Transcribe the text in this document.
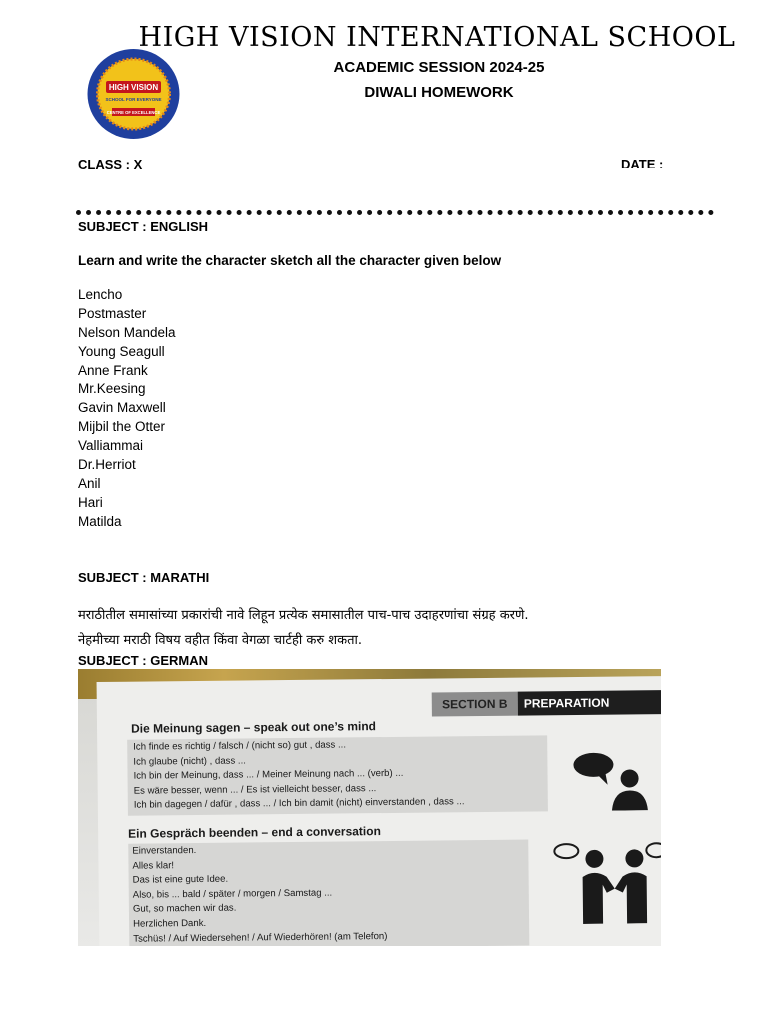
HIGH VISION INTERNATIONAL SCHOOL
ACADEMIC SESSION 2024-25
DIWALI HOMEWORK
HIGH VISION
SCHOOL FOR EVERYONE
CENTRE OF EXCELLENCE
CLASS : X	DATE :
SUBJECT : ENGLISH
Learn and write the character sketch all the character given below
Lencho
Postmaster
Nelson Mandela
Young Seagull
Anne Frank
Mr.Keesing
Gavin Maxwell
Mijbil the Otter
Valliammai
Dr.Herriot
Anil
Hari
Matilda
SUBJECT : MARATHI
मराठीतील समासांच्या प्रकारांची नावे लिहून प्रत्येक समासातील पाच-पाच उदाहरणांचा संग्रह करणे.
नेहमीच्या मराठी विषय वहीत किंवा वेगळा चार्टही करु शकता.
SUBJECT : GERMAN
SECTION B	PREPARATION
Die Meinung sagen – speak out one’s mind
Ich finde es richtig / falsch / (nicht so) gut , dass ...
Ich glaube (nicht) , dass ...
Ich bin der Meinung, dass ... / Meiner Meinung nach ... (verb) ...
Es wäre besser, wenn ... / Es ist vielleicht besser, dass ...
Ich bin dagegen / dafür , dass ... / Ich bin damit (nicht) einverstanden , dass ...
Ein Gespräch beenden – end a conversation
Einverstanden.
Alles klar!
Das ist eine gute Idee.
Also, bis ... bald / später / morgen / Samstag ...
Gut, so machen wir das.
Herzlichen Dank.
Tschüs! / Auf Wiedersehen! / Auf Wiederhören! (am Telefon)
